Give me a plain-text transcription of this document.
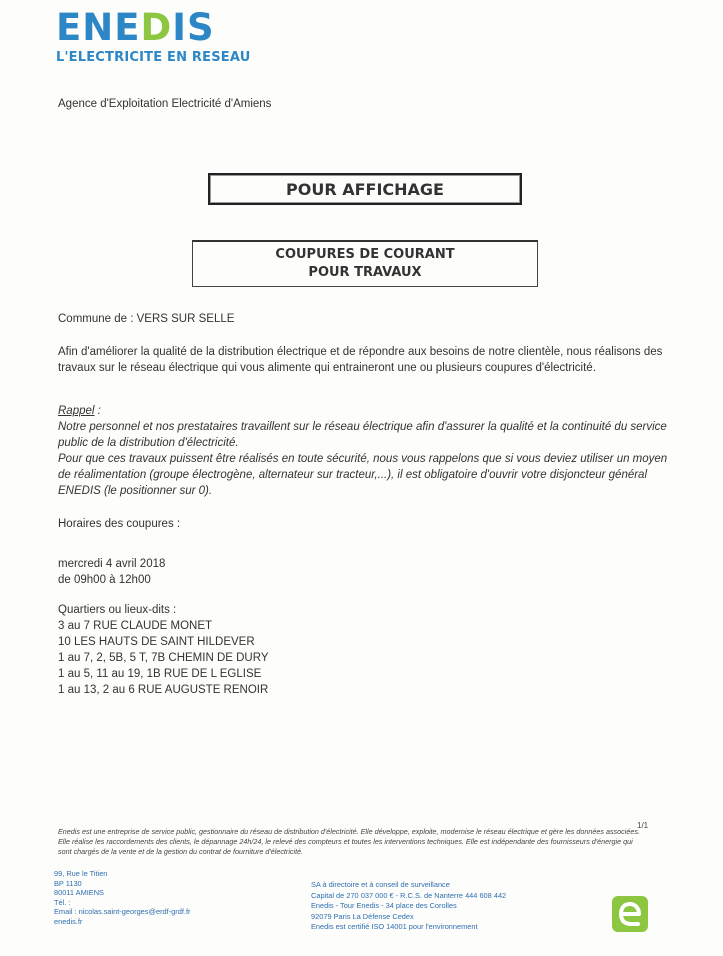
ENEDIS
L'ELECTRICITE EN RESEAU
Agence d'Exploitation Electricité d'Amiens
POUR AFFICHAGE
COUPURES DE COURANT
POUR TRAVAUX
Commune de : VERS SUR SELLE
Afin d'améliorer la qualité de la distribution électrique et de répondre aux besoins de notre clientèle, nous réalisons des travaux sur le réseau électrique qui vous alimente qui entraineront une ou plusieurs coupures d'électricité.
Rappel :
Notre personnel et nos prestataires travaillent sur le réseau électrique afin d'assurer la qualité et la continuité du service public de la distribution d'électricité.
Pour que ces travaux puissent être réalisés en toute sécurité, nous vous rappelons que si vous deviez utiliser un moyen de réalimentation (groupe électrogène, alternateur sur tracteur,...), il est obligatoire d'ouvrir votre disjoncteur général ENEDIS (le positionner sur 0).
Horaires des coupures :
mercredi 4 avril 2018
de 09h00 à 12h00
Quartiers ou lieux-dits :
3 au 7 RUE CLAUDE MONET
10 LES HAUTS DE SAINT HILDEVER
1 au 7, 2, 5B, 5 T, 7B CHEMIN DE DURY
1 au 5, 11 au 19, 1B RUE DE L EGLISE
1 au 13, 2 au 6 RUE AUGUSTE RENOIR
1/1
Enedis est une entreprise de service public, gestionnaire du réseau de distribution d'électricité. Elle développe, exploite, modernise le réseau électrique et gère les données associées. Elle réalise les raccordements des clients, le dépannage 24h/24, le relevé des compteurs et toutes les interventions techniques. Elle est indépendante des fournisseurs d'énergie qui sont chargés de la vente et de la gestion du contrat de fourniture d'électricité.
99, Rue le Titien
BP 1130
80011 AMIENS
Tél. :
Email : nicolas.saint-georges@erdf-grdf.fr
enedis.fr
SA à directoire et à conseil de surveillance
Capital de 270 037 000 € - R.C.S. de Nanterre 444 608 442
Enedis - Tour Enedis - 34 place des Corolles
92079 Paris La Défense Cedex
Enedis est certifié ISO 14001 pour l'environnement
